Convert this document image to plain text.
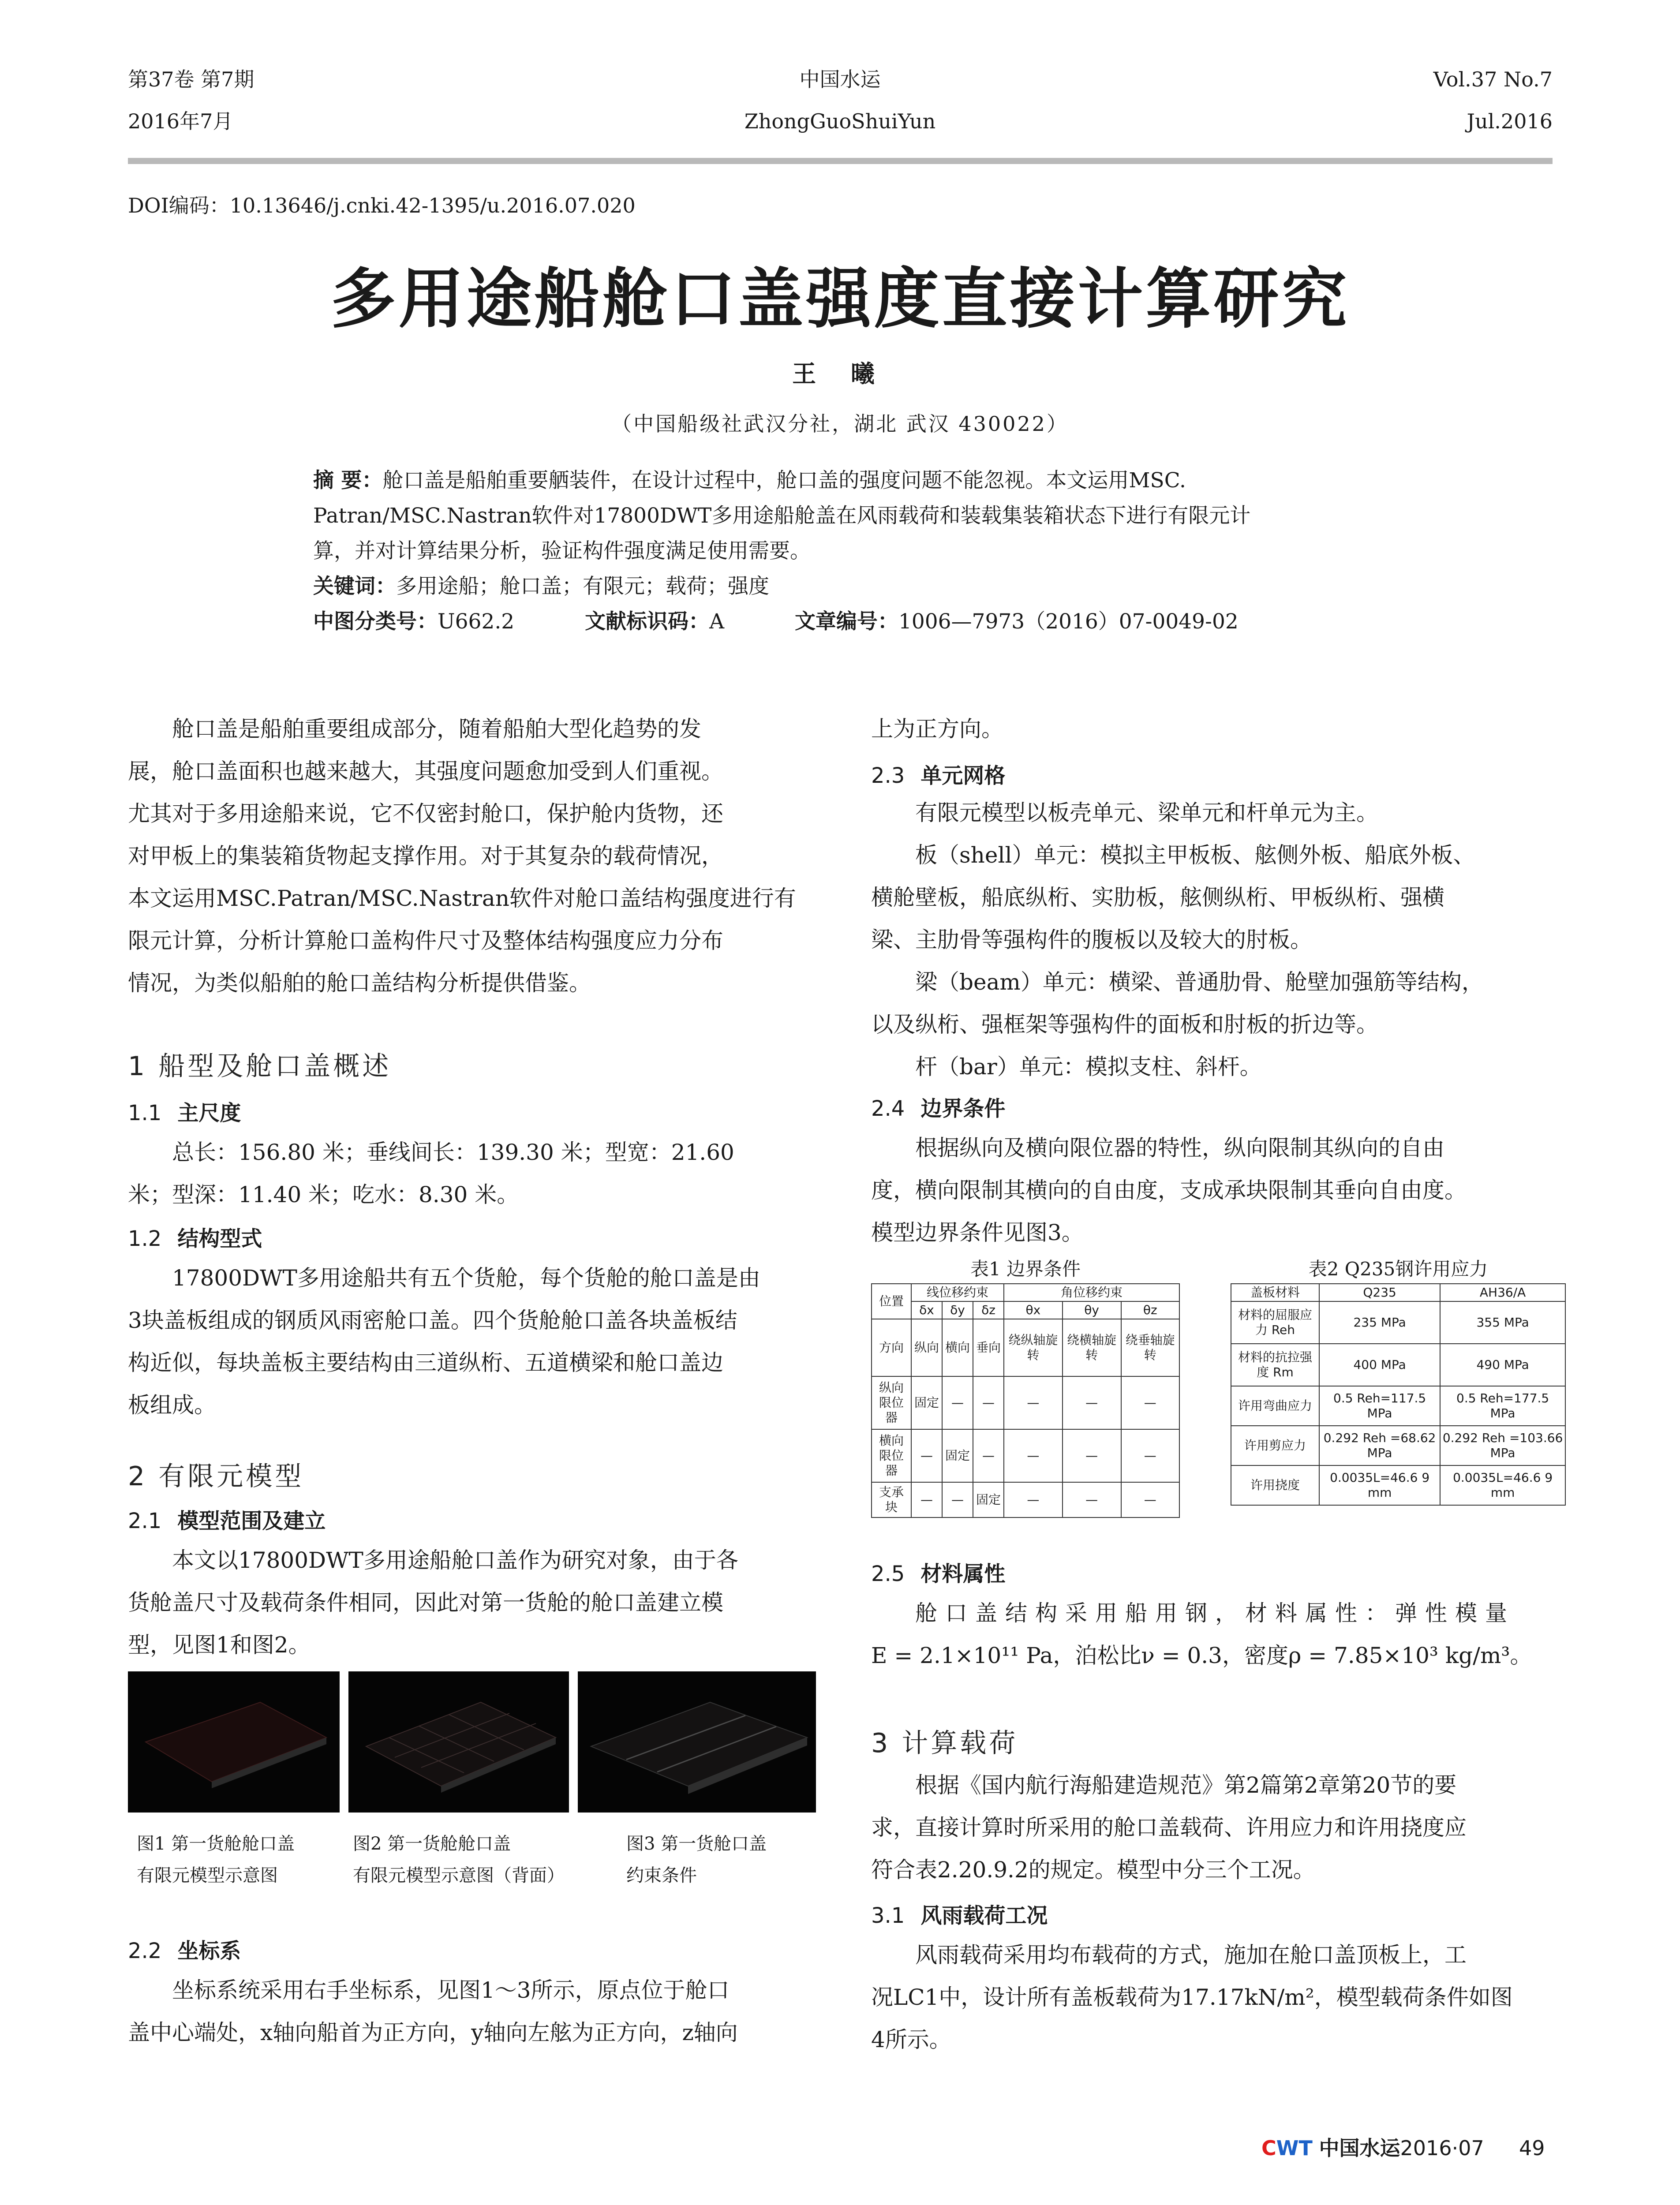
第37卷 第7期
2016年7月
中国水运
ZhongGuoShuiYun
Vol.37 No.7
Jul.2016
DOI编码：10.13646/j.cnki.42-1395/u.2016.07.020
多用途船舱口盖强度直接计算研究
王 曦
（中国船级社武汉分社，湖北 武汉 430022）
摘 要：舱口盖是船舶重要舾装件，在设计过程中，舱口盖的强度问题不能忽视。本文运用MSC.
Patran/MSC.Nastran软件对17800DWT多用途船舱盖在风雨载荷和装载集装箱状态下进行有限元计
算，并对计算结果分析，验证构件强度满足使用需要。
关键词：多用途船；舱口盖；有限元；载荷；强度
中图分类号：U662.2	文献标识码：A	文章编号：1006—7973（2016）07-0049-02

舱口盖是船舶重要组成部分，随着船舶大型化趋势的发

展，舱口盖面积也越来越大，其强度问题愈加受到人们重视。
尤其对于多用途船来说，它不仅密封舱口，保护舱内货物，还
对甲板上的集装箱货物起支撑作用。对于其复杂的载荷情况，
本文运用MSC.Patran/MSC.Nastran软件对舱口盖结构强度进行有
限元计算，分析计算舱口盖构件尺寸及整体结构强度应力分布
情况，为类似船舶的舱口盖结构分析提供借鉴。
1 船型及舱口盖概述
1.1 主尺度

总长：156.80 米；垂线间长：139.30 米；型宽：21.60

米；型深：11.40 米；吃水：8.30 米。
1.2 结构型式

17800DWT多用途船共有五个货舱，每个货舱的舱口盖是由

3块盖板组成的钢质风雨密舱口盖。四个货舱舱口盖各块盖板结
构近似，每块盖板主要结构由三道纵桁、五道横梁和舱口盖边
板组成。
2 有限元模型
2.1 模型范围及建立

本文以17800DWT多用途船舱口盖作为研究对象，由于各

货舱盖尺寸及载荷条件相同，因此对第一货舱的舱口盖建立模
型，见图1和图2。
图1 第一货舱舱口盖
有限元模型示意图
图2 第一货舱舱口盖
有限元模型示意图（背面）
图3 第一货舱口盖
约束条件
2.2 坐标系

坐标系统采用右手坐标系，见图1～3所示，原点位于舱口

盖中心端处，x轴向船首为正方向，y轴向左舷为正方向，z轴向
上为正方向。
2.3 单元网格

有限元模型以板壳单元、梁单元和杆单元为主。

板（shell）单元：模拟主甲板板、舷侧外板、船底外板、

横舱壁板，船底纵桁、实肋板，舷侧纵桁、甲板纵桁、强横
梁、主肋骨等强构件的腹板以及较大的肘板。

梁（beam）单元：横梁、普通肋骨、舱壁加强筋等结构，

以及纵桁、强框架等强构件的面板和肘板的折边等。

杆（bar）单元：模拟支柱、斜杆。

2.4 边界条件

根据纵向及横向限位器的特性，纵向限制其纵向的自由

度，横向限制其横向的自由度，支成承块限制其垂向自由度。
模型边界条件见图3。
表1 边界条件	表2 Q235钢许用应力
位置	线位移约束			角位移约束		
	δx	δy	δz	θx	θy	θz
方向	纵向	横向	垂向	绕纵轴旋转	绕横轴旋转	绕垂轴旋转
纵向限位器	固定	—	—	—	—	—
横向限位器	—	固定	—	—	—	—
支承块	—	—	固定	—	—	—
盖板材料	Q235	AH36/A
材料的屈服应力 Reh	235 MPa	355 MPa
材料的抗拉强度 Rm	400 MPa	490 MPa
许用弯曲应力	0.5 Reh=117.5 MPa	0.5 Reh=177.5 MPa
许用剪应力	0.292 Reh =68.62 MPa	0.292 Reh =103.66 MPa
许用挠度	0.0035L=46.6 9 mm	0.0035L=46.6 9 mm
2.5 材料属性

舱口盖结构采用船用钢，材料属性：弹性模量

E = 2.1×10¹¹ Pa，泊松比ν = 0.3，密度ρ = 7.85×10³ kg/m³。
3 计算载荷

根据《国内航行海船建造规范》第2篇第2章第20节的要

求，直接计算时所采用的舱口盖载荷、许用应力和许用挠度应
符合表2.20.9.2的规定。模型中分三个工况。
3.1 风雨载荷工况

风雨载荷采用均布载荷的方式，施加在舱口盖顶板上，工

况LC1中，设计所有盖板载荷为17.17kN/m²，模型载荷条件如图
4所示。
CWT 中国水运2016·07 49
